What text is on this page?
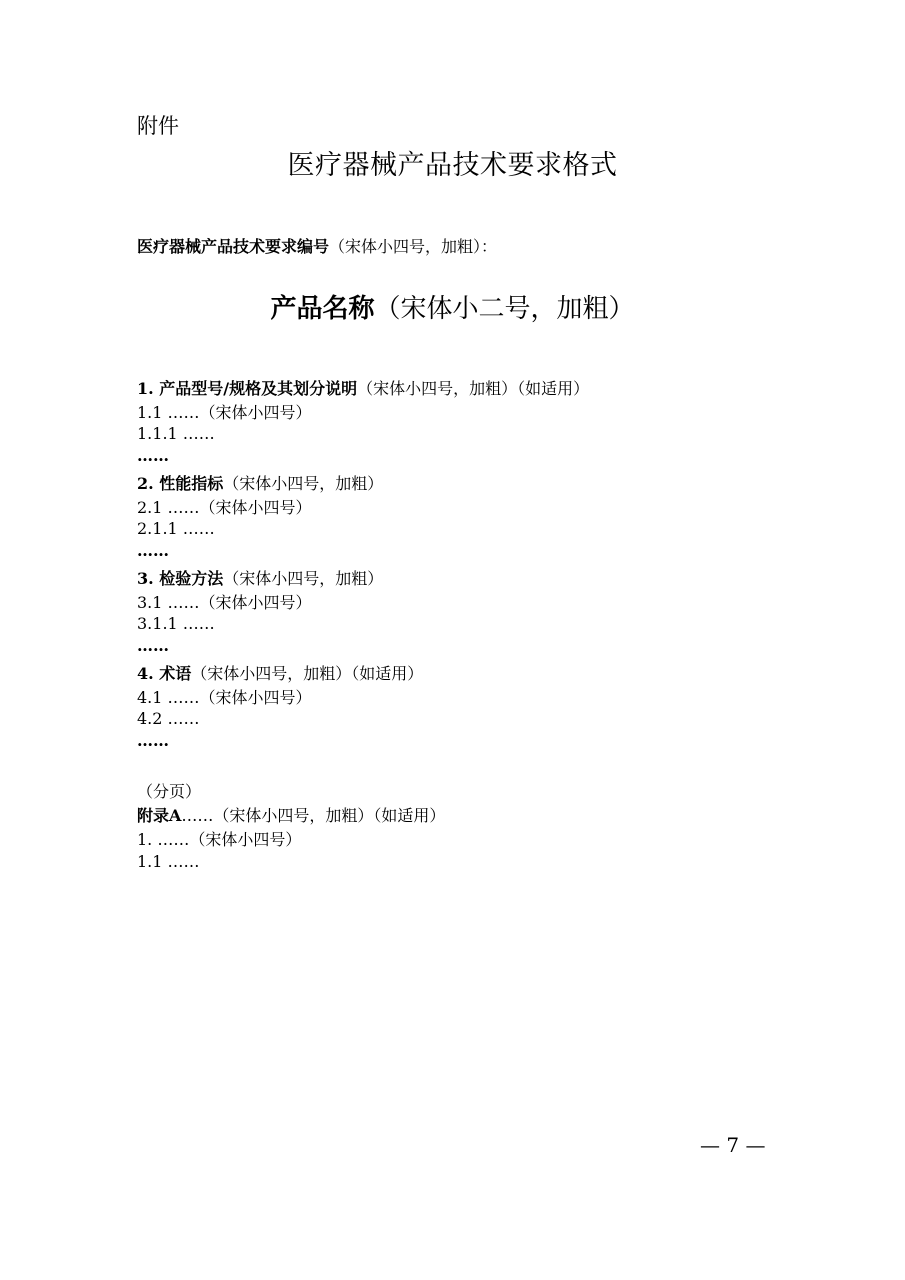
附件
医疗器械产品技术要求格式
医疗器械产品技术要求编号（宋体小四号，加粗）：
产品名称（宋体小二号，加粗）
1. 产品型号/规格及其划分说明（宋体小四号，加粗）（如适用）
1.1 ……（宋体小四号）
1.1.1 ……
……
2. 性能指标（宋体小四号，加粗）
2.1 ……（宋体小四号）
2.1.1 ……
……
3. 检验方法（宋体小四号，加粗）
3.1 ……（宋体小四号）
3.1.1 ……
……
4. 术语（宋体小四号，加粗）（如适用）
4.1 ……（宋体小四号）
4.2 ……
……
（分页）
附录A……（宋体小四号，加粗）（如适用）
1. ……（宋体小四号）
1.1 ……
— 7 —
